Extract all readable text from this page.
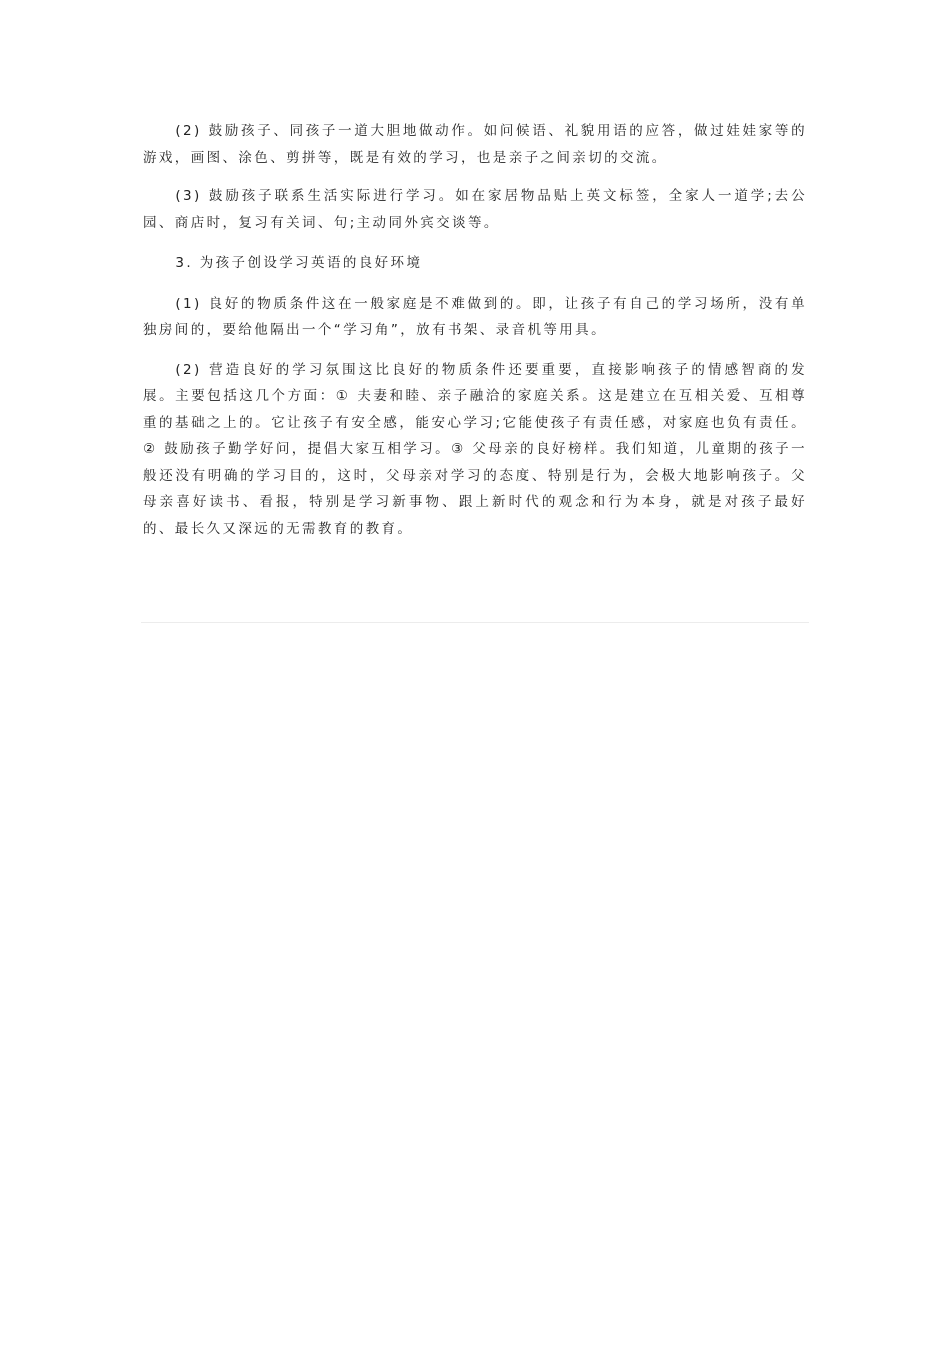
(2) 鼓励孩子、同孩子一道大胆地做动作。如问候语、礼貌用语的应答，做过娃娃家等的游戏，画图、涂色、剪拼等，既是有效的学习，也是亲子之间亲切的交流。

(3) 鼓励孩子联系生活实际进行学习。如在家居物品贴上英文标签，全家人一道学;去公园、商店时，复习有关词、句;主动同外宾交谈等。

3. 为孩子创设学习英语的良好环境

(1) 良好的物质条件这在一般家庭是不难做到的。即，让孩子有自己的学习场所，没有单独房间的，要给他隔出一个“学习角”，放有书架、录音机等用具。

(2) 营造良好的学习氛围这比良好的物质条件还要重要，直接影响孩子的情感智商的发展。主要包括这几个方面：① 夫妻和睦、亲子融洽的家庭关系。这是建立在互相关爱、互相尊重的基础之上的。它让孩子有安全感，能安心学习;它能使孩子有责任感，对家庭也负有责任。② 鼓励孩子勤学好问，提倡大家互相学习。③ 父母亲的良好榜样。我们知道，儿童期的孩子一般还没有明确的学习目的，这时，父母亲对学习的态度、特别是行为，会极大地影响孩子。父母亲喜好读书、看报，特别是学习新事物、跟上新时代的观念和行为本身，就是对孩子最好的、最长久又深远的无需教育的教育。
